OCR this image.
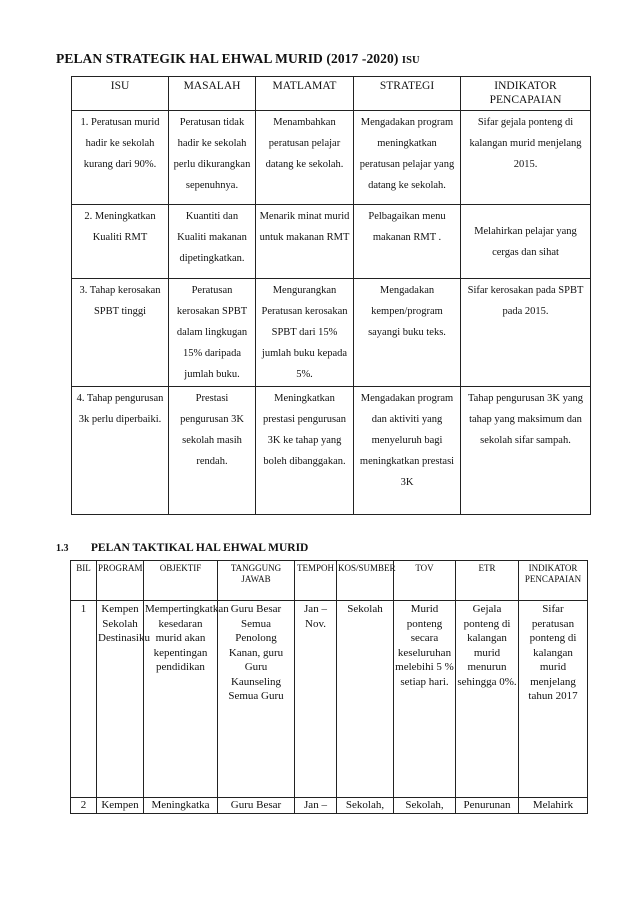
PELAN STRATEGIK HAL EHWAL MURID (2017 -2020) ISU
ISU	MASALAH	MATLAMAT	STRATEGI	INDIKATOR PENCAPAIAN
1. Peratusan murid hadir ke sekolah kurang dari 90%.	Peratusan tidak hadir ke sekolah perlu dikurangkan sepenuhnya.	Menambahkan peratusan pelajar datang ke sekolah.	Mengadakan program meningkatkan peratusan pelajar yang datang ke sekolah.	Sifar gejala ponteng di kalangan murid menjelang 2015.
2. Meningkatkan Kualiti RMT	Kuantiti dan Kualiti makanan dipetingkatkan.	Menarik minat murid untuk makanan RMT	Pelbagaikan menu makanan RMT .	Melahirkan pelajar yang cergas dan sihat
3. Tahap kerosakan SPBT tinggi	Peratusan kerosakan SPBT dalam lingkugan 15% daripada jumlah buku.	Mengurangkan Peratusan kerosakan SPBT dari 15% jumlah buku kepada 5%.	Mengadakan kempen/program sayangi buku teks.	Sifar kerosakan pada SPBT pada 2015.
4. Tahap pengurusan 3k perlu diperbaiki.	Prestasi pengurusan 3K sekolah masih rendah.	Meningkatkan prestasi pengurusan 3K ke tahap yang boleh dibanggakan.	Mengadakan program dan aktiviti yang menyeluruh bagi meningkatkan prestasi 3K	Tahap pengurusan 3K yang tahap yang maksimum dan sekolah sifar sampah.
1.3 PELAN TAKTIKAL HAL EHWAL MURID
BIL	PROGRAM	OBJEKTIF	TANGGUNG JAWAB	TEMPOH	KOS/SUMBER	TOV	ETR	INDIKATOR PENCAPAIAN
1	Kempen Sekolah Destinasiku	Mempertingkatkan kesedaran murid akan kepentingan pendidikan	Guru Besar Semua Penolong Kanan, guru Guru Kaunseling Semua Guru	Jan – Nov.	Sekolah	Murid ponteng secara keseluruhan melebihi 5 % setiap hari.	Gejala ponteng di kalangan murid menurun sehingga 0%.	Sifar peratusan ponteng di kalangan murid menjelang tahun 2017
2	Kempen	Meningkatka	Guru Besar	Jan –	Sekolah,	Sekolah,	Penurunan	Melahirk
